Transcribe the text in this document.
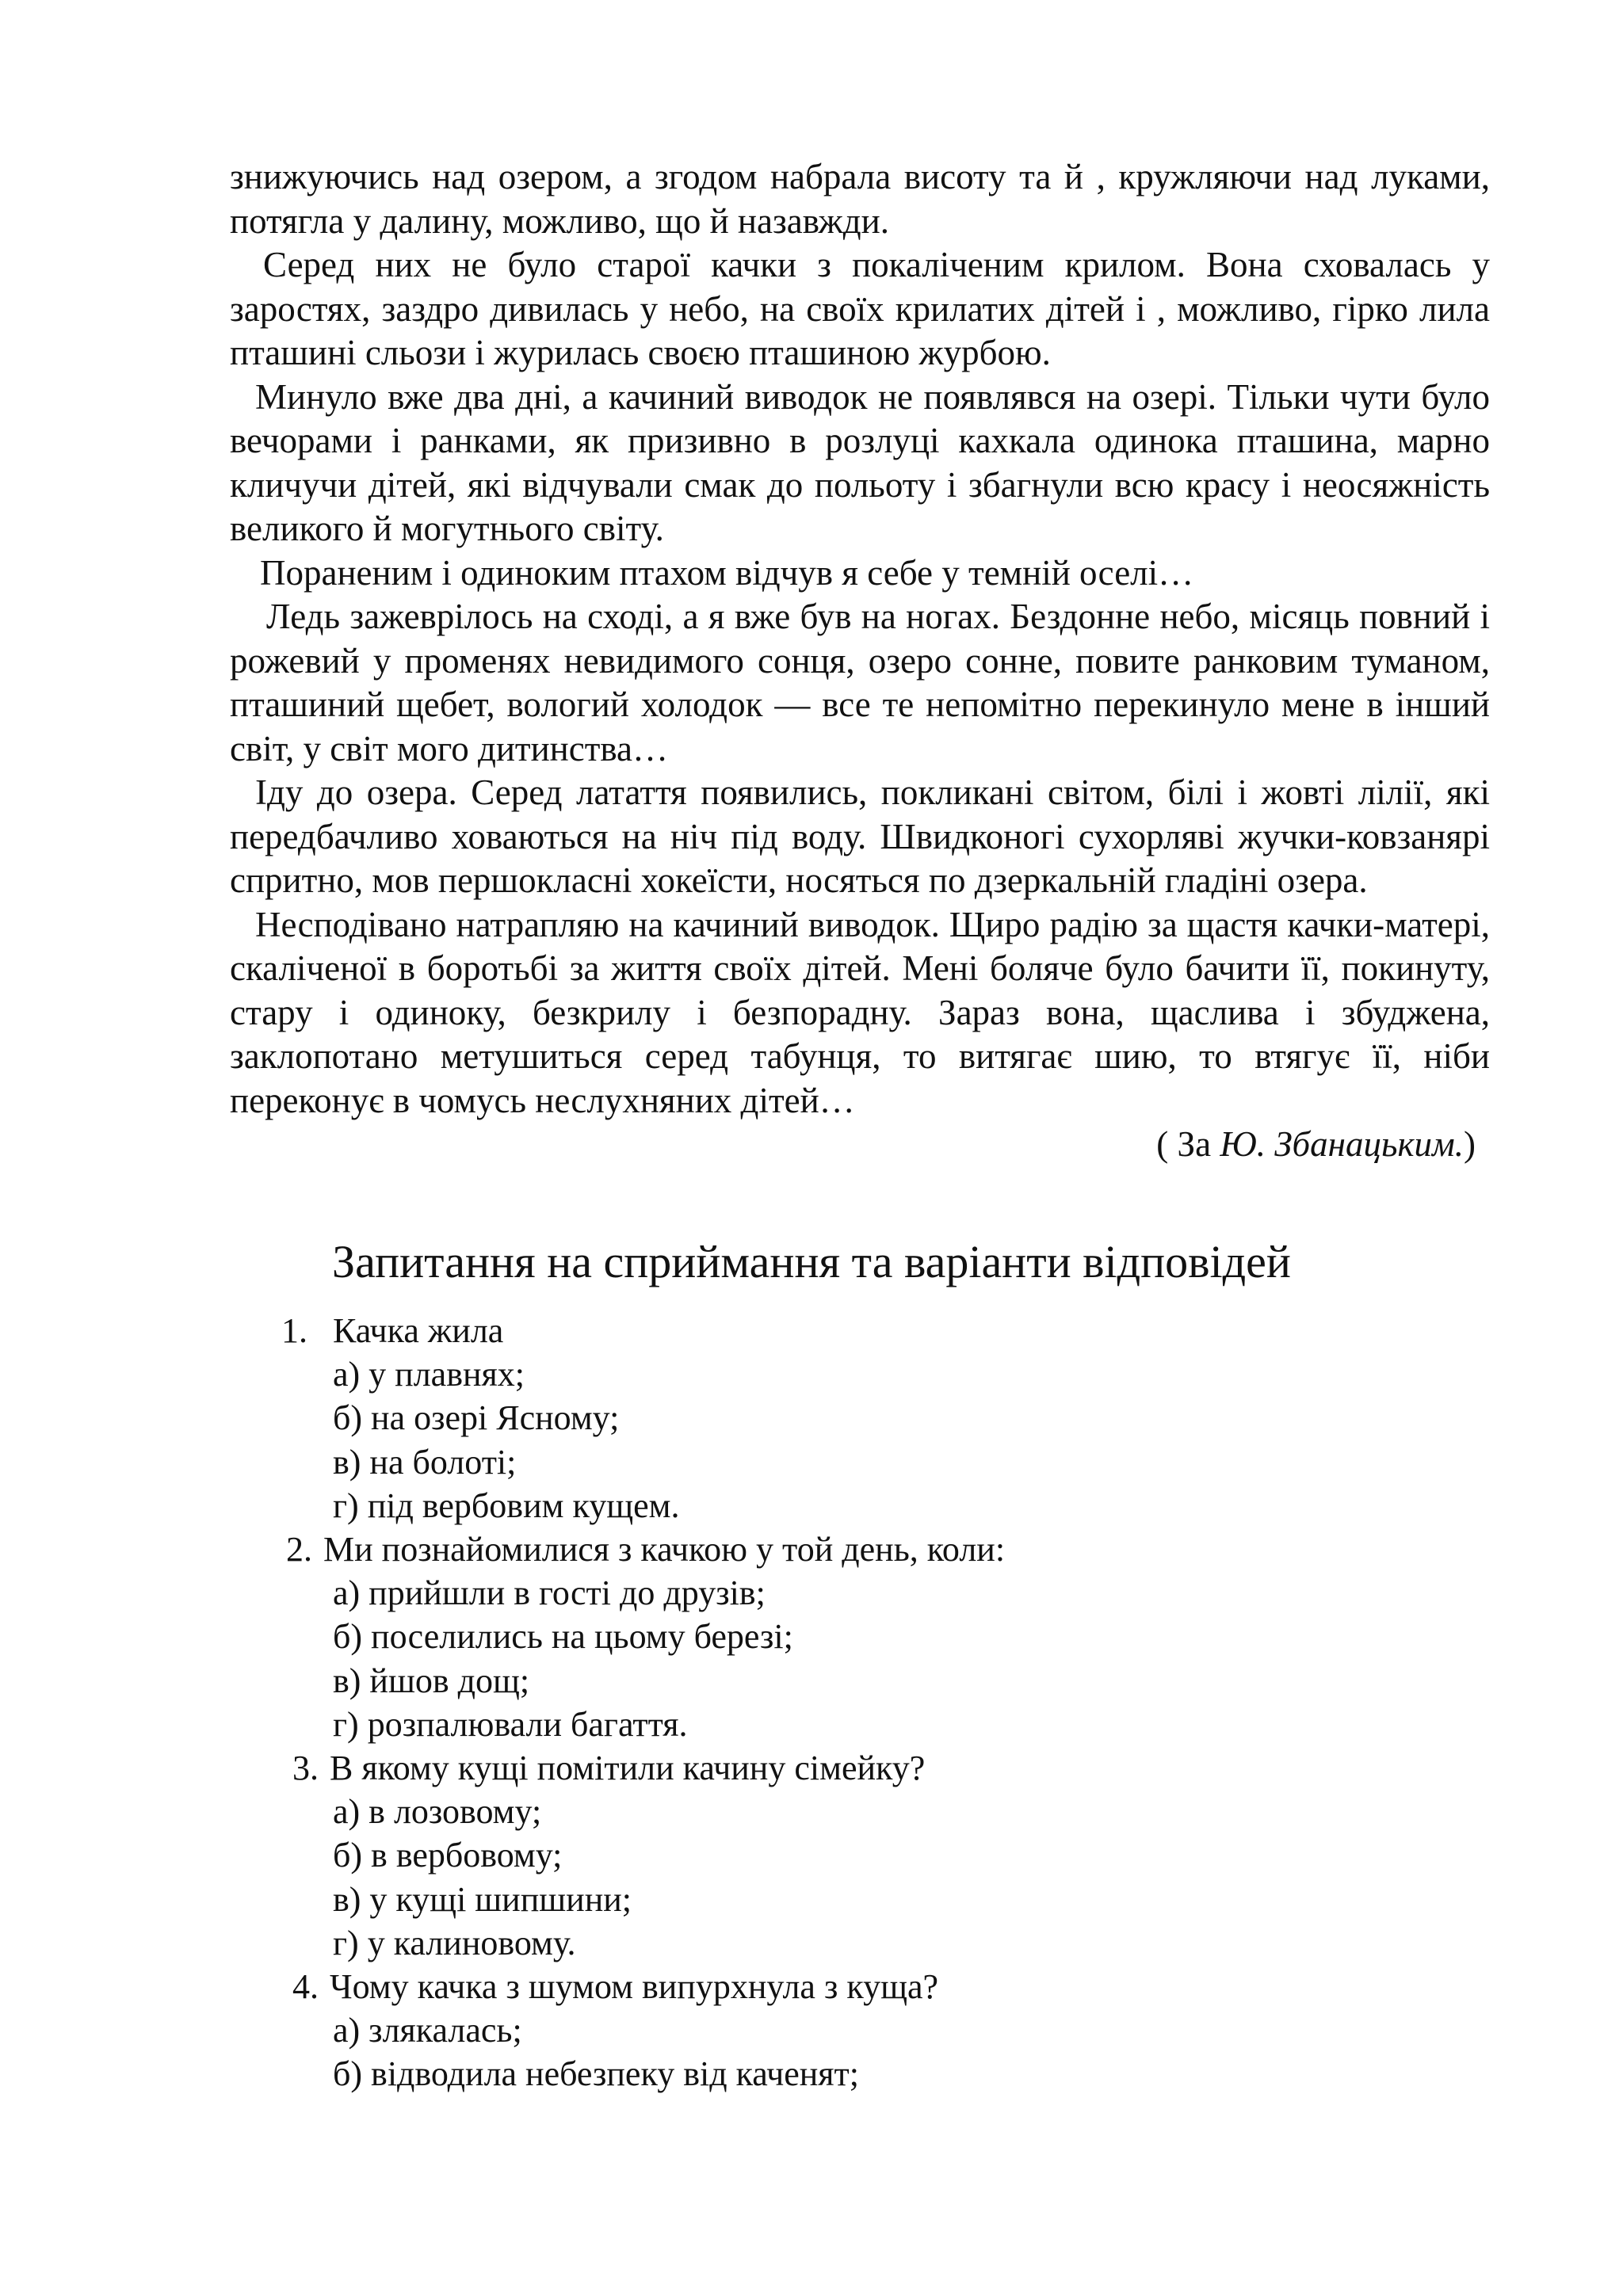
знижуючись над озером, а згодом набрала висоту та й , кружляючи над луками, потягла у далину, можливо, що й назавжди.

Серед них не було старої качки з покаліченим крилом. Вона сховалась у заростях, заздро дивилась у небо, на своїх крилатих дітей і , можливо, гірко лила пташині сльози і журилась своєю пташиною журбою.

Минуло вже два дні, а качиний виводок не появлявся на озері. Тільки чути було вечорами і ранками, як призивно в розлуці кахкала одинока пташина, марно кличучи дітей, які відчували смак до польоту і збагнули всю красу і неосяжність великого й могутнього світу.

Пораненим і одиноким птахом відчув я себе у темній оселі…

Ледь зажеврілось на сході, а я вже був на ногах. Бездонне небо, місяць повний і рожевий у променях невидимого сонця, озеро сонне, повите ранковим туманом, пташиний щебет, вологий холодок — все те непомітно перекинуло мене в інший світ, у світ мого дитинства…

Іду до озера. Серед латаття появились, покликані світом, білі і жовті лілії, які передбачливо ховаються на ніч під воду. Швидконогі сухорляві жучки-ковзанярі спритно, мов першокласні хокеїсти, носяться по дзеркальній гладіні озера.

Несподівано натрапляю на качиний виводок. Щиро радію за щастя качки-матері, скаліченої в боротьбі за життя своїх дітей. Мені боляче було бачити її, покинуту, стару і одиноку, безкрилу і безпорадну. Зараз вона, щаслива і збуджена, заклопотано метушиться серед табунця, то витягає шию, то втягує її, ніби переконує в чомусь неслухняних дітей…

( За Ю. Збанацьким.)

Запитання на сприймання та варіанти відповідей
1. Качка жила
а) у плавнях;
б) на озері Ясному;
в) на болоті;
г) під вербовим кущем.
2. Ми познайомилися з качкою у той день, коли:
а) прийшли в гості до друзів;
б) поселились на цьому березі;
в) йшов дощ;
г) розпалювали багаття.
3. В якому кущі помітили качину сімейку?
а) в лозовому;
б) в вербовому;
в) у кущі шипшини;
г) у калиновому.
4. Чому качка з шумом випурхнула з куща?
а) злякалась;
б) відводила небезпеку від каченят;
